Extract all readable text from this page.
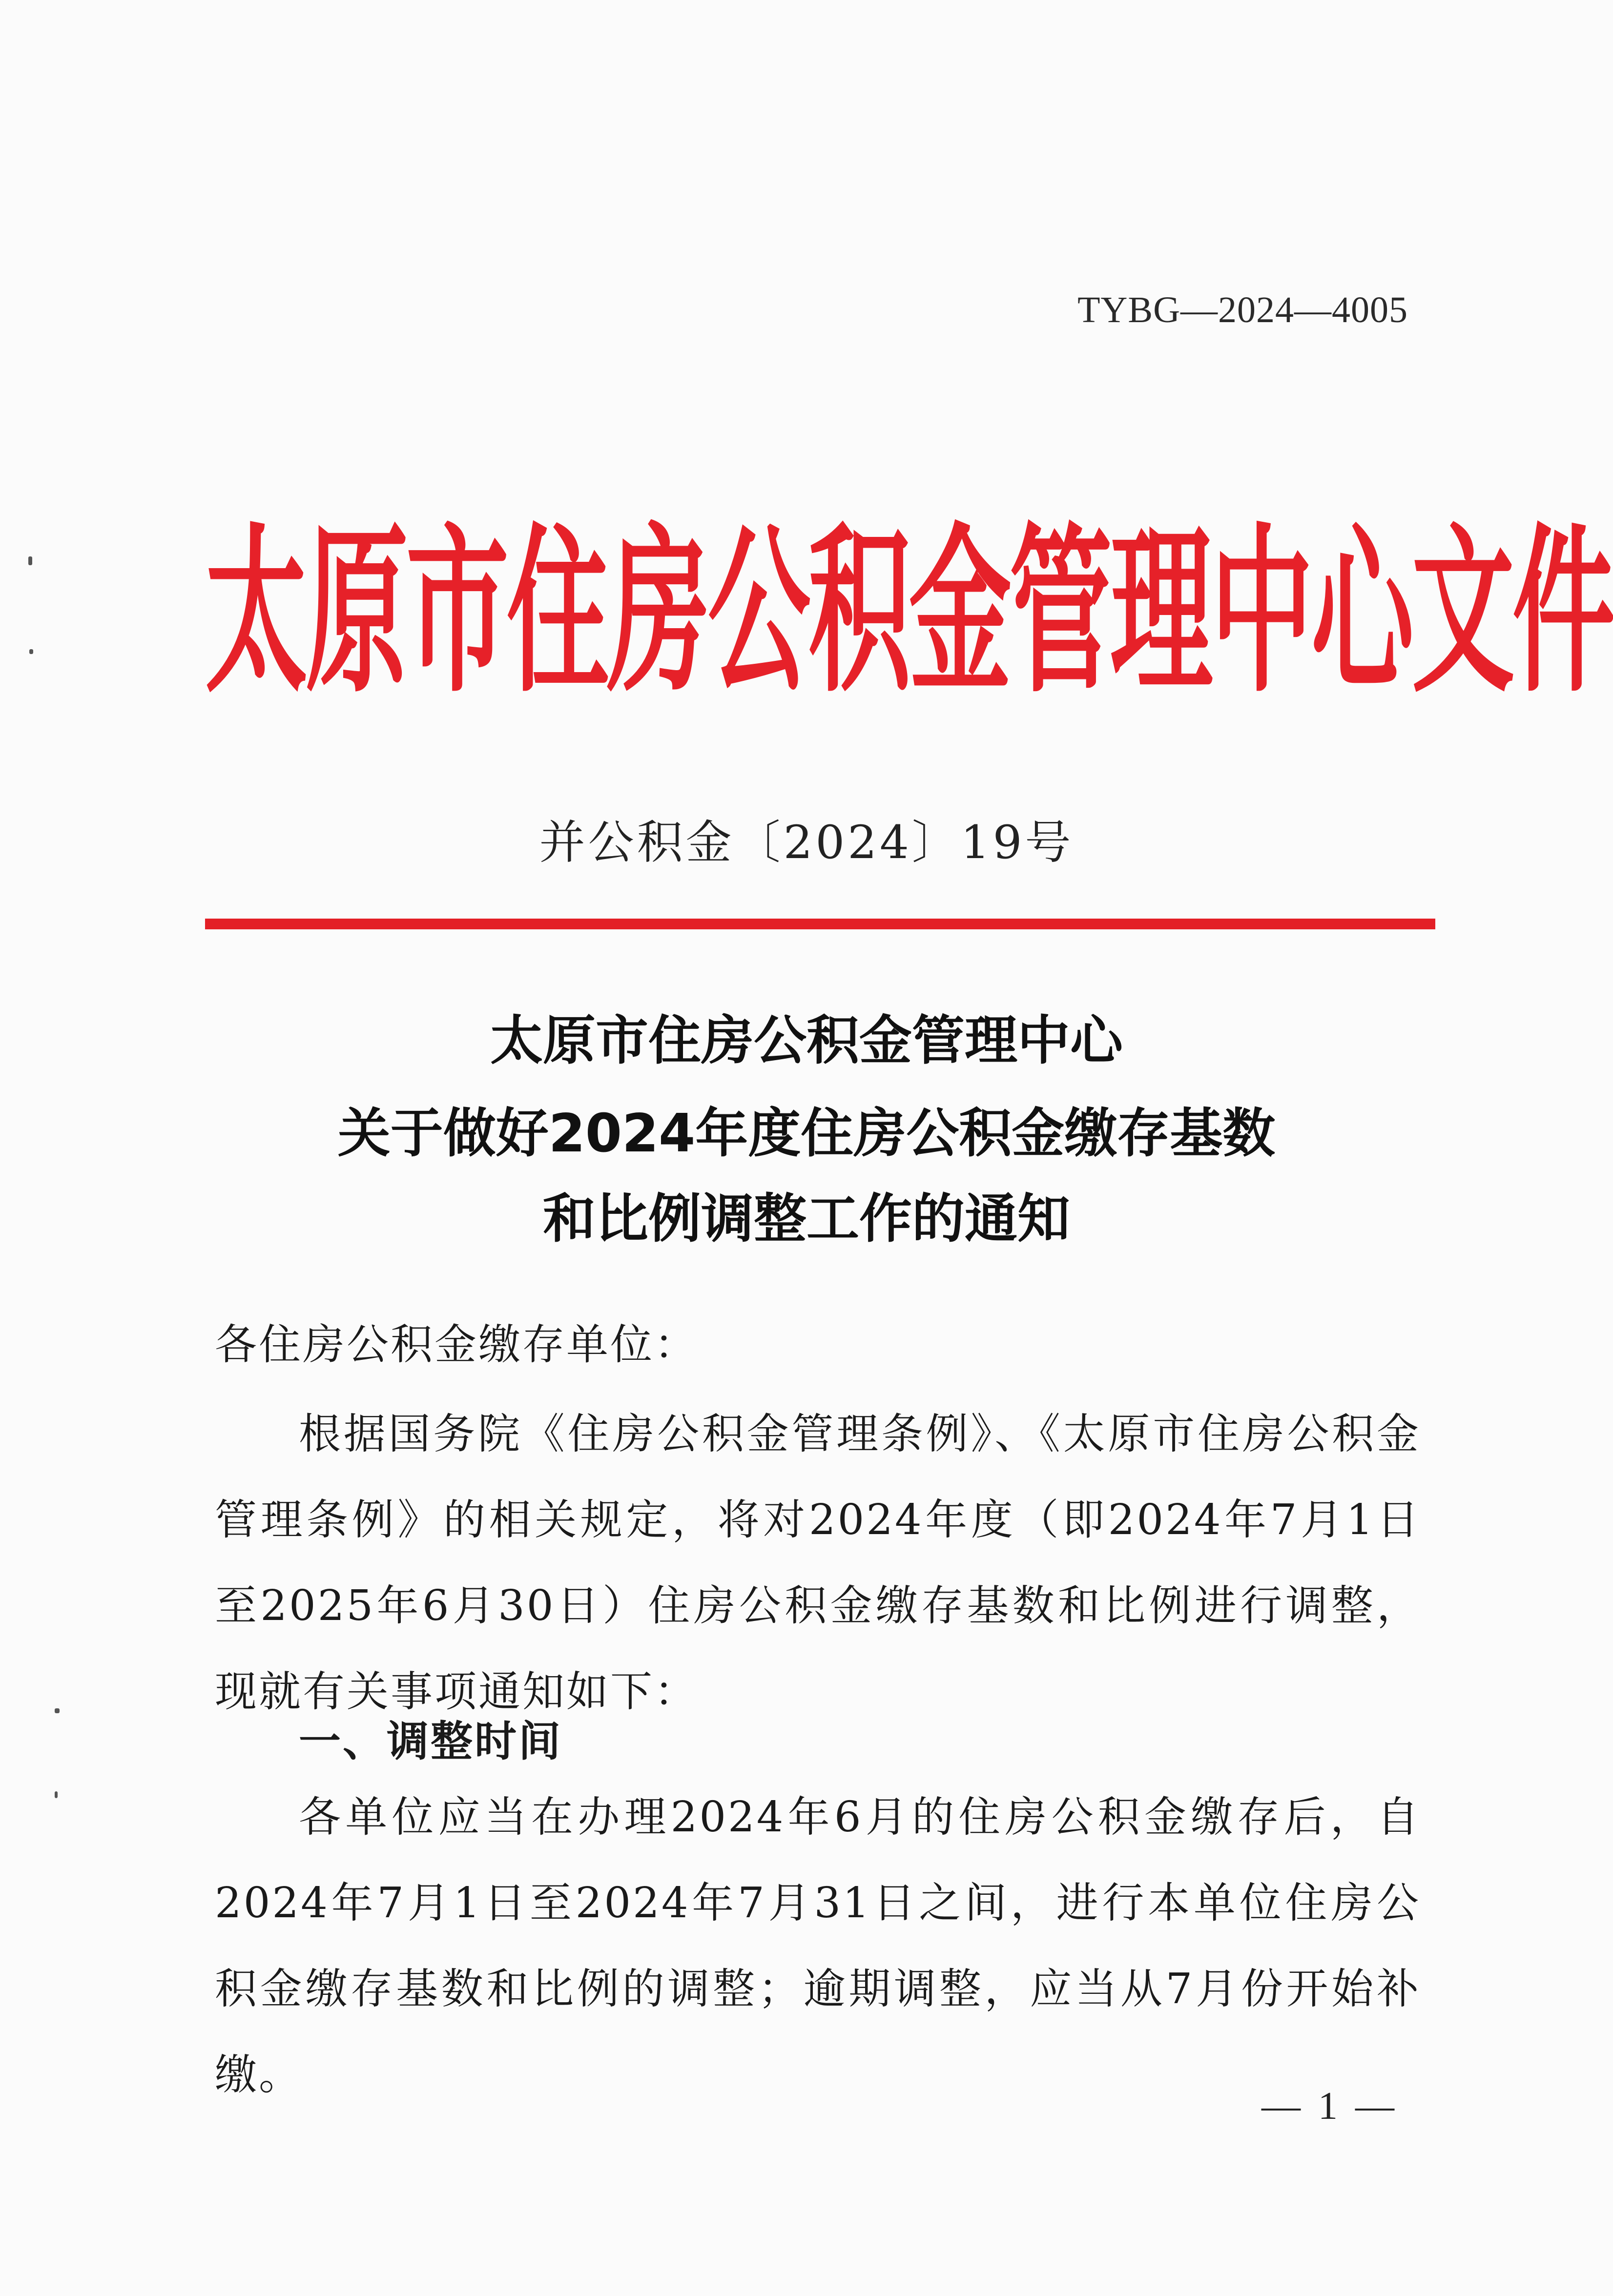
TYBG—2024—4005
太原市住房公积金管理中心文件
并公积金〔2024〕19号
太原市住房公积金管理中心
关于做好2024年度住房公积金缴存基数
和比例调整工作的通知
各住房公积金缴存单位：
根据国务院《住房公积金管理条例》、《太原市住房公积金管理条例》的相关规定，将对2024年度（即2024年7月1日至2025年6月30日）住房公积金缴存基数和比例进行调整，现就有关事项通知如下：
一、调整时间
各单位应当在办理2024年6月的住房公积金缴存后，自2024年7月1日至2024年7月31日之间，进行本单位住房公积金缴存基数和比例的调整；逾期调整，应当从7月份开始补缴。
— 1 —
